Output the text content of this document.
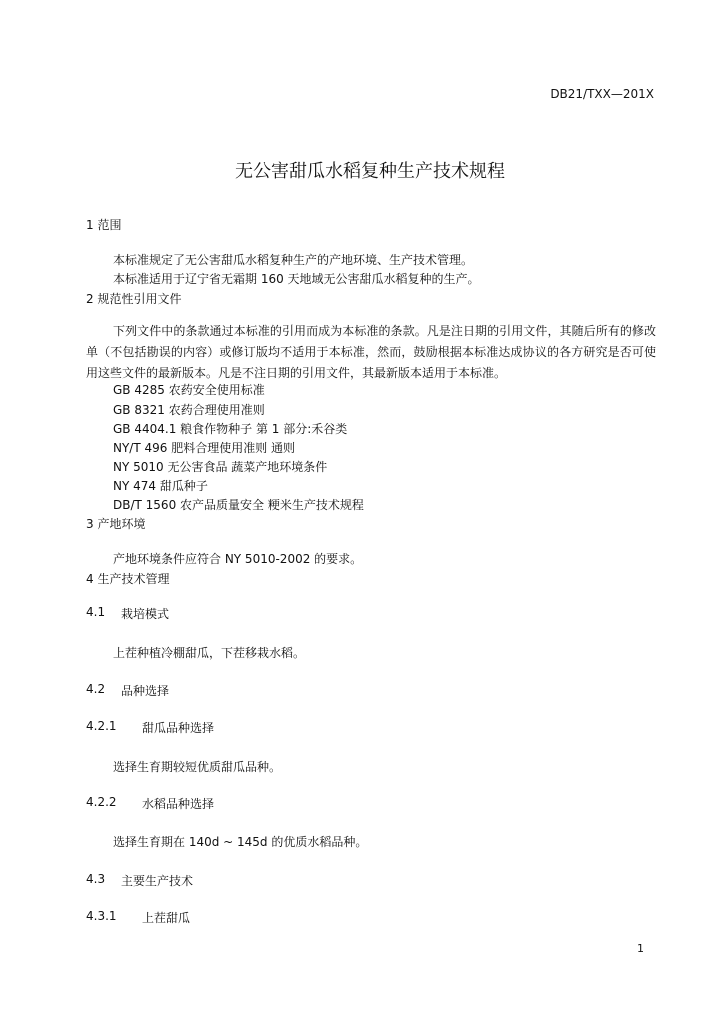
DB21/TXX—201X
无公害甜瓜水稻复种生产技术规程
1 范围
本标准规定了无公害甜瓜水稻复种生产的产地环境、生产技术管理。
本标准适用于辽宁省无霜期 160 天地域无公害甜瓜水稻复种的生产。
2 规范性引用文件
下列文件中的条款通过本标准的引用而成为本标准的条款。凡是注日期的引用文件，其随后所有的修改单（不包括勘误的内容）或修订版均不适用于本标准，然而，鼓励根据本标准达成协议的各方研究是否可使用这些文件的最新版本。凡是不注日期的引用文件，其最新版本适用于本标准。
GB 4285 农药安全使用标准
GB 8321 农药合理使用准则
GB 4404.1 粮食作物种子 第 1 部分:禾谷类
NY/T 496 肥料合理使用准则 通则
NY 5010 无公害食品 蔬菜产地环境条件
NY 474 甜瓜种子
DB/T 1560 农产品质量安全 粳米生产技术规程
3 产地环境
产地环境条件应符合 NY 5010-2002 的要求。
4 生产技术管理
4.1 栽培模式
上茬种植冷棚甜瓜，下茬移栽水稻。
4.2 品种选择
4.2.1 甜瓜品种选择
选择生育期较短优质甜瓜品种。
4.2.2 水稻品种选择
选择生育期在 140d ~ 145d 的优质水稻品种。
4.3 主要生产技术
4.3.1 上茬甜瓜
1
